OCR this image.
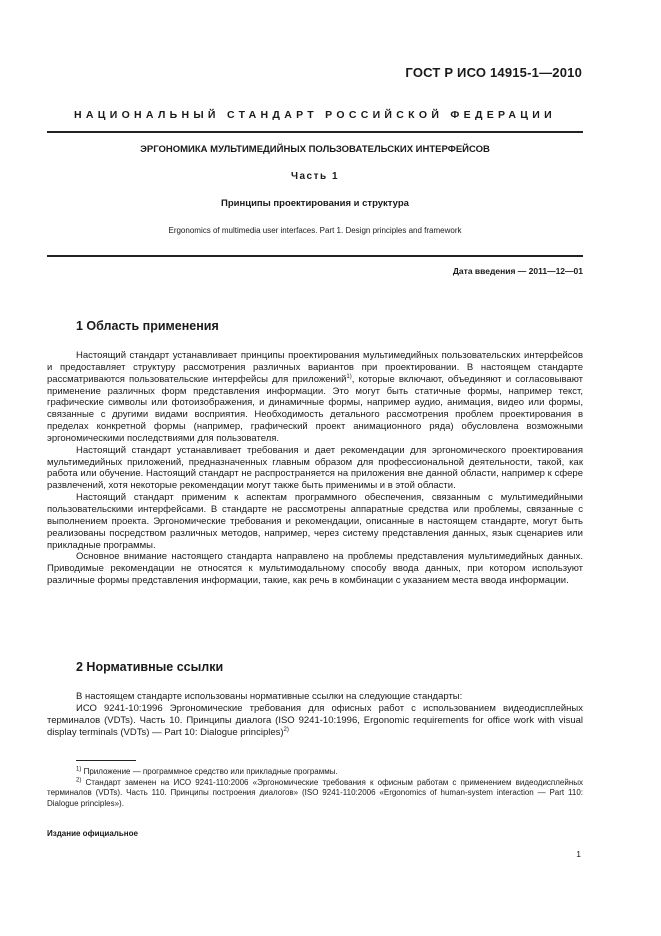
ГОСТ Р ИСО 14915-1—2010
НАЦИОНАЛЬНЫЙ СТАНДАРТ РОССИЙСКОЙ ФЕДЕРАЦИИ
ЭРГОНОМИКА МУЛЬТИМЕДИЙНЫХ ПОЛЬЗОВАТЕЛЬСКИХ ИНТЕРФЕЙСОВ
Часть 1
Принципы проектирования и структура
Ergonomics of multimedia user interfaces. Part 1. Design principles and framework
Дата введения — 2011—12—01
1 Область применения

Настоящий стандарт устанавливает принципы проектирования мультимедийных пользовательских интерфейсов и предоставляет структуру рассмотрения различных вариантов при проектировании. В настоящем стандарте рассматриваются пользовательские интерфейсы для приложений$^{1)}$, которые включают, объединяют и согласовывают применение различных форм представления информации. Это могут быть статичные формы, например текст, графические символы или фотоизображения, и динамичные формы, например аудио, анимация, видео или формы, связанные с другими видами восприятия. Необходимость детального рассмотрения проблем проектирования в пределах конкретной формы (например, графический проект анимационного ряда) обусловлена возможными эргономическими последствиями для пользователя.

Настоящий стандарт устанавливает требования и дает рекомендации для эргономического проектирования мультимедийных приложений, предназначенных главным образом для профессиональной деятельности, такой, как работа или обучение. Настоящий стандарт не распространяется на приложения вне данной области, например к сфере развлечений, хотя некоторые рекомендации могут также быть применимы и в этой области.

Настоящий стандарт применим к аспектам программного обеспечения, связанным с мультимедийными пользовательскими интерфейсами. В стандарте не рассмотрены аппаратные средства или проблемы, связанные с выполнением проекта. Эргономические требования и рекомендации, описанные в настоящем стандарте, могут быть реализованы посредством различных методов, например, через систему представления данных, язык сценариев или прикладные программы.

Основное внимание настоящего стандарта направлено на проблемы представления мультимедийных данных. Приводимые рекомендации не относятся к мультимодальному способу ввода данных, при котором используют различные формы представления информации, такие, как речь в комбинации с указанием места ввода информации.

2 Нормативные ссылки

В настоящем стандарте использованы нормативные ссылки на следующие стандарты:

ИСО 9241-10:1996 Эргономические требования для офисных работ с использованием видеодисплейных терминалов (VDTs). Часть 10. Принципы диалога (ISO 9241-10:1996, Ergonomic requirements for office work with visual display terminals (VDTs) — Part 10: Dialogue principles)$^{2)}$

$^{1)}$ Приложение — программное средство или прикладные программы.

$^{2)}$ Стандарт заменен на ИСО 9241-110:2006 «Эргономические требования к офисным работам с применением видеодисплейных терминалов (VDTs). Часть 110. Принципы построения диалогов» (ISO 9241-110:2006 «Ergonomics of human-system interaction — Part 110: Dialogue principles»).

Издание официальное
1
